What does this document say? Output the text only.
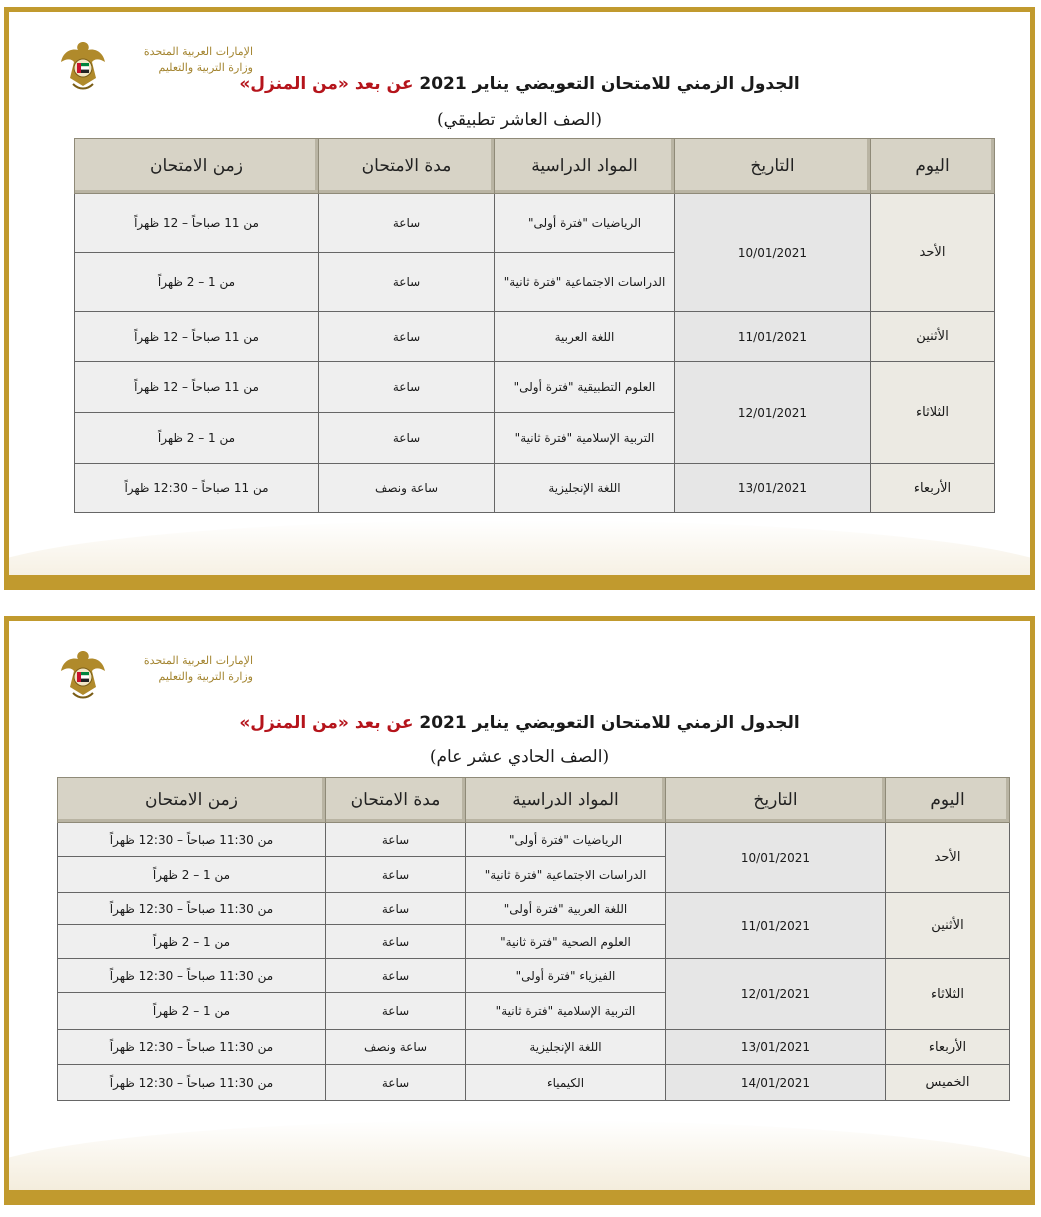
الإمارات العربية المتحدة
وزارة التربية والتعليم
الجدول الزمني للامتحان التعويضي يناير 2021 عن بعد «من المنزل»
(الصف العاشر تطبيقي)
اليوم	التاريخ	المواد الدراسية	مدة الامتحان	زمن الامتحان
الأحد	10/01/2021	الرياضيات "فترة أولى"	ساعة	من 11 صباحاً – 12 ظهراً
		الدراسات الاجتماعية "فترة ثانية"	ساعة	من 1 – 2 ظهراً
الأثنين	11/01/2021	اللغة العربية	ساعة	من 11 صباحاً – 12 ظهراً
الثلاثاء	12/01/2021	العلوم التطبيقية "فترة أولى"	ساعة	من 11 صباحاً – 12 ظهراً
		التربية الإسلامية "فترة ثانية"	ساعة	من 1 – 2 ظهراً
الأربعاء	13/01/2021	اللغة الإنجليزية	ساعة ونصف	من 11 صباحاً – 12:30 ظهراً
الإمارات العربية المتحدة
وزارة التربية والتعليم
الجدول الزمني للامتحان التعويضي يناير 2021 عن بعد «من المنزل»
(الصف الحادي عشر عام)
اليوم	التاريخ	المواد الدراسية	مدة الامتحان	زمن الامتحان
الأحد	10/01/2021	الرياضيات "فترة أولى"	ساعة	من 11:30 صباحاً – 12:30 ظهراً
		الدراسات الاجتماعية "فترة ثانية"	ساعة	من 1 – 2 ظهراً
الأثنين	11/01/2021	اللغة العربية "فترة أولى"	ساعة	من 11:30 صباحاً – 12:30 ظهراً
		العلوم الصحية "فترة ثانية"	ساعة	من 1 – 2 ظهراً
الثلاثاء	12/01/2021	الفيزياء "فترة أولى"	ساعة	من 11:30 صباحاً – 12:30 ظهراً
		التربية الإسلامية "فترة ثانية"	ساعة	من 1 – 2 ظهراً
الأربعاء	13/01/2021	اللغة الإنجليزية	ساعة ونصف	من 11:30 صباحاً – 12:30 ظهراً
الخميس	14/01/2021	الكيمياء	ساعة	من 11:30 صباحاً – 12:30 ظهراً
